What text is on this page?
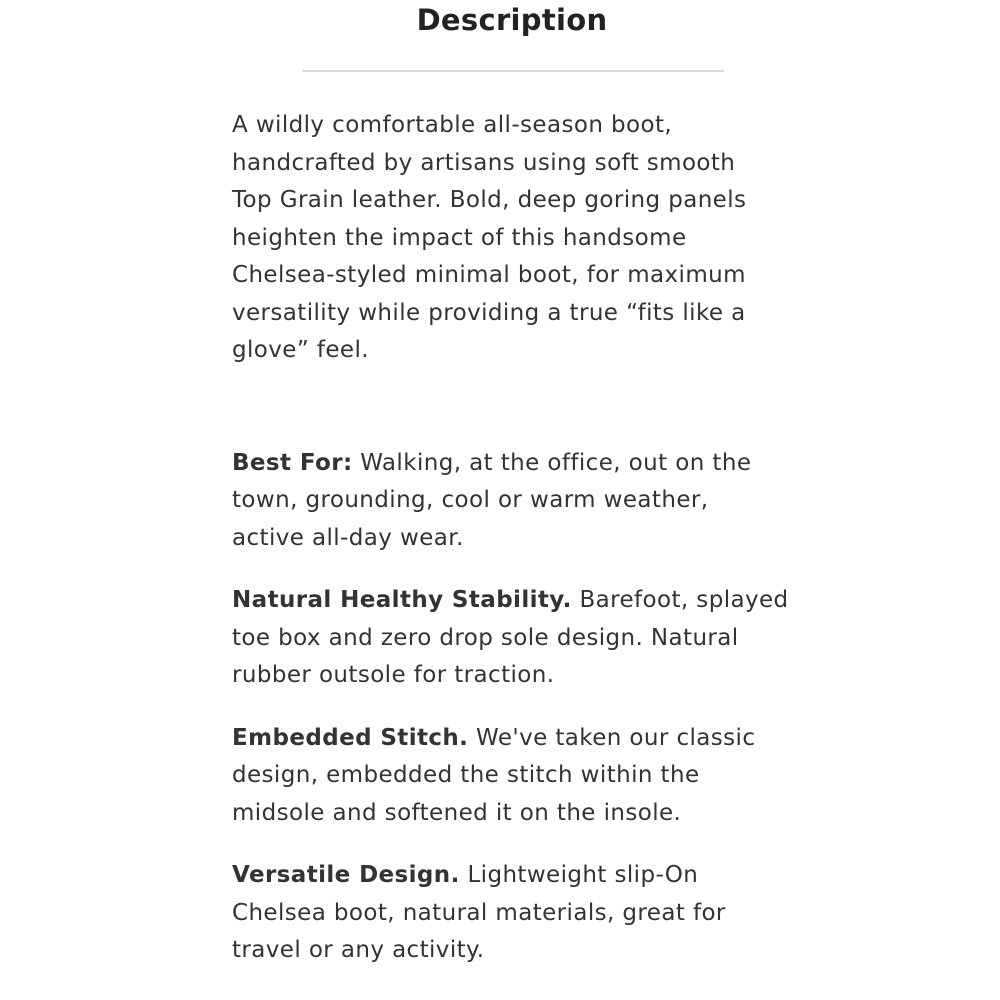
Description

A wildly comfortable all-season boot,
handcrafted by artisans using soft smooth
Top Grain leather. Bold, deep goring panels
heighten the impact of this handsome
Chelsea-styled minimal boot, for maximum
versatility while providing a true “fits like a
glove” feel.

Best For: Walking, at the office, out on the
town, grounding, cool or warm weather,
active all-day wear.

Natural Healthy Stability. Barefoot, splayed
toe box and zero drop sole design. Natural
rubber outsole for traction.

Embedded Stitch. We've taken our classic
design, embedded the stitch within the
midsole and softened it on the insole.

Versatile Design. Lightweight slip-On
Chelsea boot, natural materials, great for
travel or any activity.
